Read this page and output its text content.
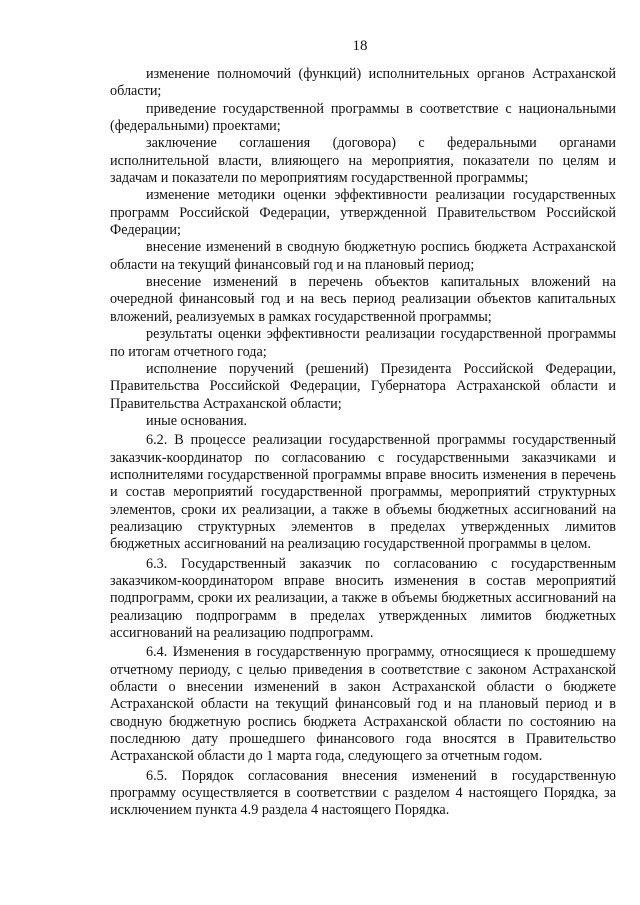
18

изменение полномочий (функций) исполнительных органов Астраханской области;

приведение государственной программы в соответствие с национальными (федеральными) проектами;

заключение соглашения (договора) с федеральными органами исполнительной власти, влияющего на мероприятия, показатели по целям и задачам и показатели по мероприятиям государственной программы;

изменение методики оценки эффективности реализации государственных программ Российской Федерации, утвержденной Правительством Российской Федерации;

внесение изменений в сводную бюджетную роспись бюджета Астраханской области на текущий финансовый год и на плановый период;

внесение изменений в перечень объектов капитальных вложений на очередной финансовый год и на весь период реализации объектов капитальных вложений, реализуемых в рамках государственной программы;

результаты оценки эффективности реализации государственной программы по итогам отчетного года;

исполнение поручений (решений) Президента Российской Федерации, Правительства Российской Федерации, Губернатора Астраханской области и Правительства Астраханской области;

иные основания.

6.2. В процессе реализации государственной программы государственный заказчик-координатор по согласованию с государственными заказчиками и исполнителями государственной программы вправе вносить изменения в перечень и состав мероприятий государственной программы, мероприятий структурных элементов, сроки их реализации, а также в объемы бюджетных ассигнований на реализацию структурных элементов в пределах утвержденных лимитов бюджетных ассигнований на реализацию государственной программы в целом.

6.3. Государственный заказчик по согласованию с государственным заказчиком-координатором вправе вносить изменения в состав мероприятий подпрограмм, сроки их реализации, а также в объемы бюджетных ассигнований на реализацию подпрограмм в пределах утвержденных лимитов бюджетных ассигнований на реализацию подпрограмм.

6.4. Изменения в государственную программу, относящиеся к прошедшему отчетному периоду, с целью приведения в соответствие с законом Астраханской области о внесении изменений в закон Астраханской области о бюджете Астраханской области на текущий финансовый год и на плановый период и в сводную бюджетную роспись бюджета Астраханской области по состоянию на последнюю дату прошедшего финансового года вносятся в Правительство Астраханской области до 1 марта года, следующего за отчетным годом.

6.5. Порядок согласования внесения изменений в государственную программу осуществляется в соответствии с разделом 4 настоящего Порядка, за исключением пункта 4.9 раздела 4 настоящего Порядка.
